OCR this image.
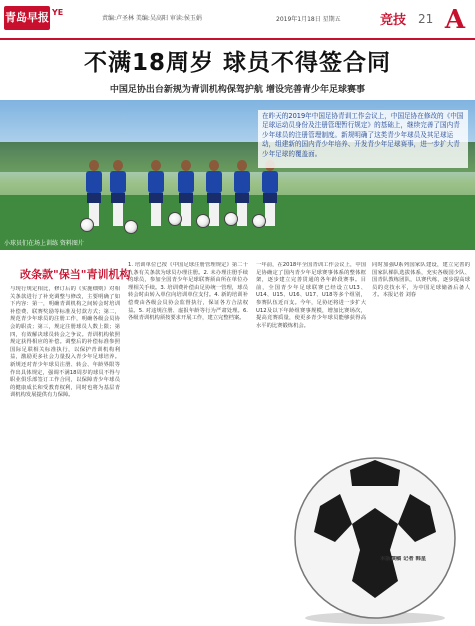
青岛早报 YE
责编:卢圣林 美编:吴高阳 审读:侯玉娟	2019年1月18日 星期五	竞技 21 A
不满18周岁 球员不得签合同
中国足协出台新规为青训机构保驾护航 增设完善青少年足球赛事
在昨天的2019年中国足协青训工作会议上，中国足协在修改的《中国足球运动员身份及注册管理暂行规定》的基础上，继续完善了国内青少年球员的注册管理制度。新规明确了这类青少年球员及其足球运动，组建新的国内青少年培养、开发青少年足球赛事，进一步扩大青少年足球的覆盖面。
小球员们在场上训练 资料图片
改条款"保当"青训机构
与现行规定相比，修订后的《实施细则》对相关条款进行了补充调整与修改，主要明确了如下内容：第一，明确青训机构之间转会时培训补偿费、联赛奖励等标准及付款方式；第二，规范青少年球员的注册工作，明确各级会员协会的职责；第三，规定注册球员人数上限；第四，有效解决球员转会之争议。青训机构依照规定获得相应的补偿。调整后的补偿标准参照国际足联相关标准执行，以保护青训机构利益，激励更多社会力量投入青少年足球培养。新规还对青少年球员注册、转会、年龄界限等作出具体规定，强调不满18周岁的球员不得与职业俱乐部签订工作合同，以保障青少年球员的健康成长和受教育权利，同时也将为基层青训机构发展提供有力保障。
1. 培训单位已按《中国足球注册管理规定》第二十九条有关条款为球员办理注册。2. 未办理注册手续的球员，参加全国青少年足球联赛须由所在单位办理相关手续。3. 培训费补偿由足协统一管理，球员转会时由转入单位向培训单位支付。4. 新的培训补偿费由各级会员协会监督执行，保证各方合法权益。5. 对违规注册、虚报年龄等行为严肃处理。6. 各级青训机构须按要求开展工作，建立完整档案。
一年前，在2018年全国青训工作会议上，中国足协确定了国内青少年足球赛事体系的整体框架，逐步建立完善贯通的各年龄段赛事。目前，全国青少年足球联赛已经设立U13、U14、U15、U16、U17、U18等多个组别，参赛队伍近百支。今年，足协还将进一步扩大U12及以下年龄组赛事规模，增加比赛场次，提高竞赛质量，使更多青少年球员能够获得高水平的比赛锻炼机会。
同时加强U系列国家队建设，建立完善的国家队梯队选拔体系，充实各级国少队、国青队教练团队，以赛代练，逐步提高球员的竞技水平，为中国足球储备后备人才。本报记者 刘春
本版撰稿 记者 韩星
